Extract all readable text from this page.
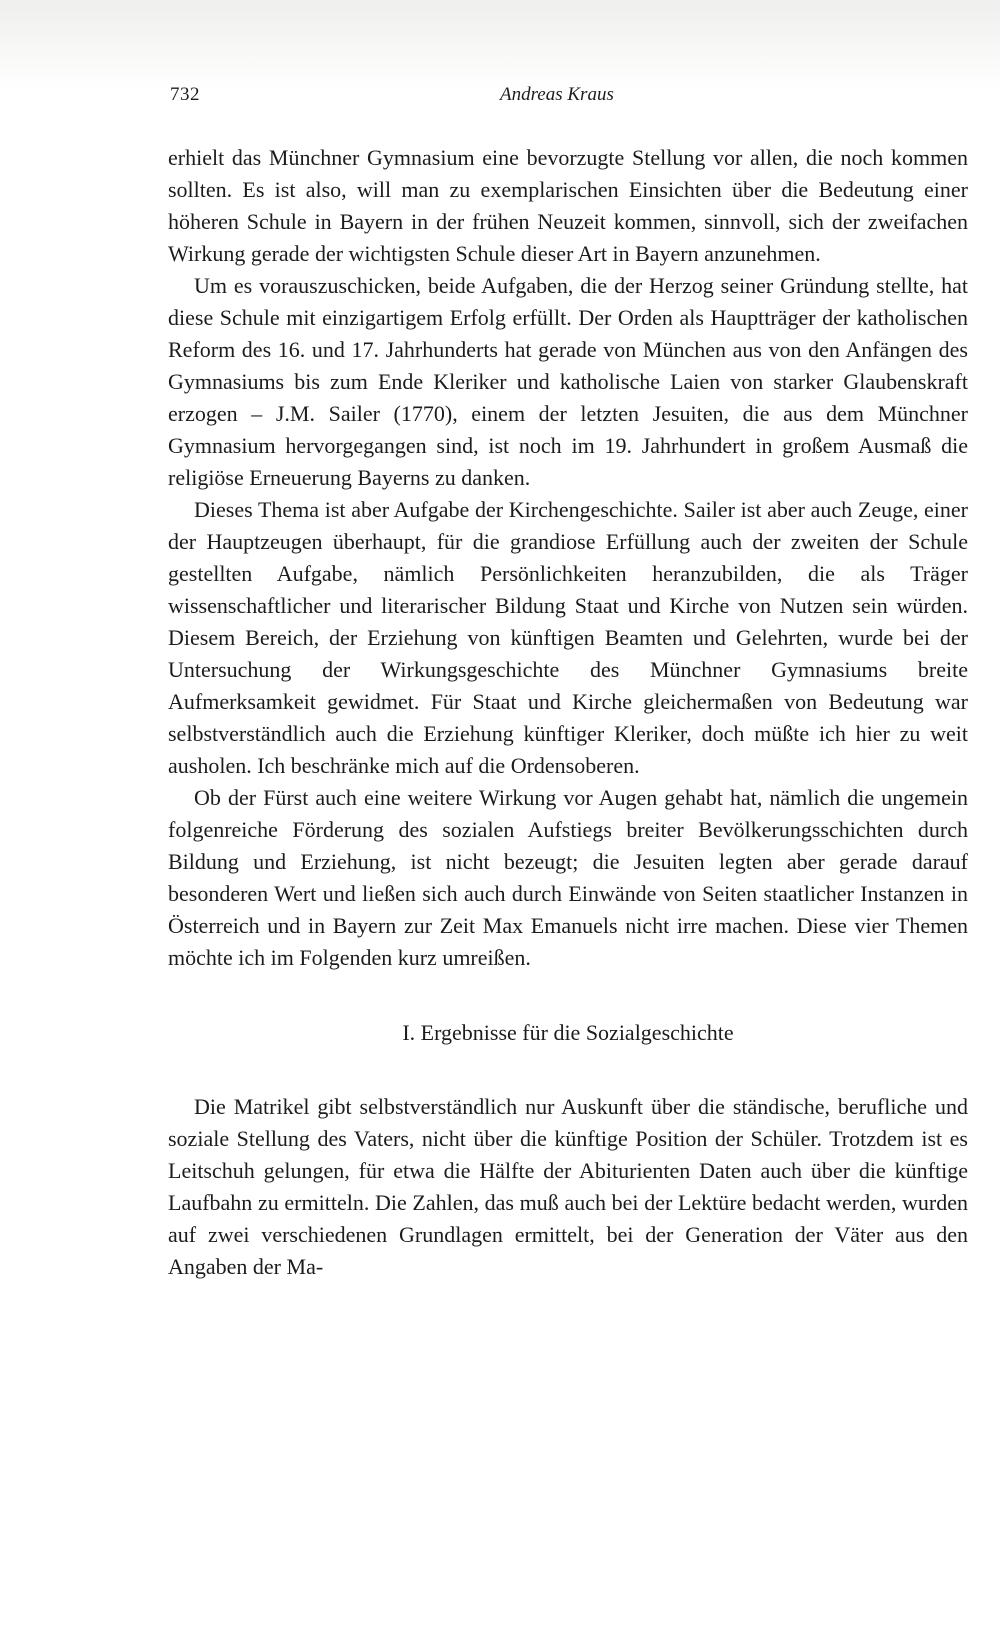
732	Andreas Kraus

erhielt das Münchner Gymnasium eine bevorzugte Stellung vor allen, die noch kommen sollten. Es ist also, will man zu exemplarischen Einsichten über die Bedeutung einer höheren Schule in Bayern in der frühen Neuzeit kommen, sinnvoll, sich der zweifachen Wirkung gerade der wichtigsten Schule dieser Art in Bayern anzunehmen.

Um es vorauszuschicken, beide Aufgaben, die der Herzog seiner Gründung stellte, hat diese Schule mit einzigartigem Erfolg erfüllt. Der Orden als Hauptträger der katholischen Reform des 16. und 17. Jahrhunderts hat gerade von München aus von den Anfängen des Gymnasiums bis zum Ende Kleriker und katholische Laien von starker Glaubenskraft erzogen – J.M. Sailer (1770), einem der letzten Jesuiten, die aus dem Münchner Gymnasium hervorgegangen sind, ist noch im 19. Jahrhundert in großem Ausmaß die religiöse Erneuerung Bayerns zu danken.

Dieses Thema ist aber Aufgabe der Kirchengeschichte. Sailer ist aber auch Zeuge, einer der Hauptzeugen überhaupt, für die grandiose Erfüllung auch der zweiten der Schule gestellten Aufgabe, nämlich Persönlichkeiten heranzubilden, die als Träger wissenschaftlicher und literarischer Bildung Staat und Kirche von Nutzen sein würden. Diesem Bereich, der Erziehung von künftigen Beamten und Gelehrten, wurde bei der Untersuchung der Wirkungsgeschichte des Münchner Gymnasiums breite Aufmerksamkeit gewidmet. Für Staat und Kirche gleichermaßen von Bedeutung war selbstverständlich auch die Erziehung künftiger Kleriker, doch müßte ich hier zu weit ausholen. Ich beschränke mich auf die Ordensoberen.

Ob der Fürst auch eine weitere Wirkung vor Augen gehabt hat, nämlich die ungemein folgenreiche Förderung des sozialen Aufstiegs breiter Bevölkerungsschichten durch Bildung und Erziehung, ist nicht bezeugt; die Jesuiten legten aber gerade darauf besonderen Wert und ließen sich auch durch Einwände von Seiten staatlicher Instanzen in Österreich und in Bayern zur Zeit Max Emanuels nicht irre machen. Diese vier Themen möchte ich im Folgenden kurz umreißen.

I. Ergebnisse für die Sozialgeschichte

Die Matrikel gibt selbstverständlich nur Auskunft über die ständische, berufliche und soziale Stellung des Vaters, nicht über die künftige Position der Schüler. Trotzdem ist es Leitschuh gelungen, für etwa die Hälfte der Abiturienten Daten auch über die künftige Laufbahn zu ermitteln. Die Zahlen, das muß auch bei der Lektüre bedacht werden, wurden auf zwei verschiedenen Grundlagen ermittelt, bei der Generation der Väter aus den Angaben der Ma-
